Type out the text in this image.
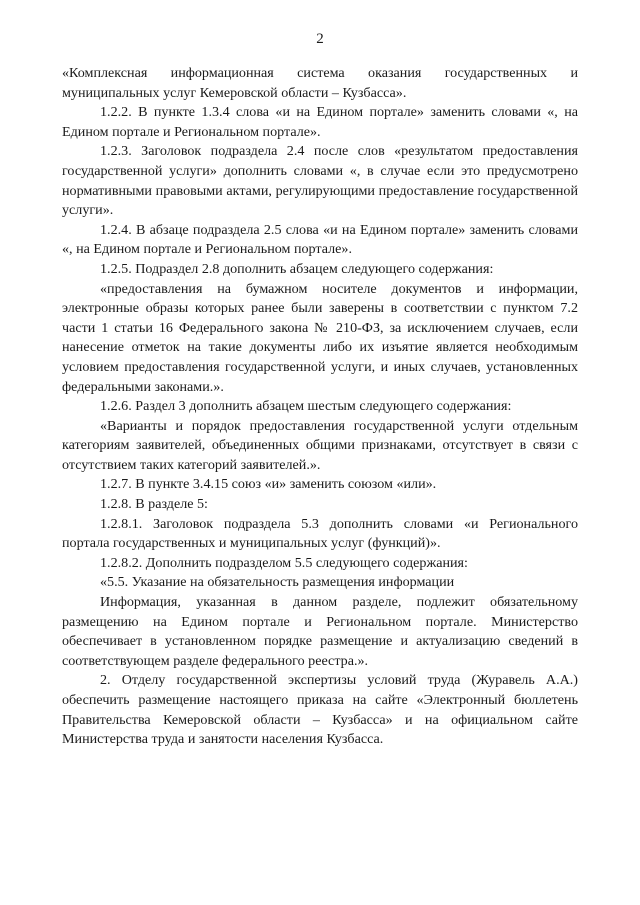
2

«Комплексная информационная система оказания государственных и муниципальных услуг Кемеровской области – Кузбасса».

1.2.2. В пункте 1.3.4 слова «и на Едином портале» заменить словами «, на Едином портале и Региональном портале».

1.2.3. Заголовок подраздела 2.4 после слов «результатом предоставления государственной услуги» дополнить словами «, в случае если это предусмотрено нормативными правовыми актами, регулирующими предоставление государственной услуги».

1.2.4. В абзаце подраздела 2.5 слова «и на Едином портале» заменить словами «, на Едином портале и Региональном портале».

1.2.5. Подраздел 2.8 дополнить абзацем следующего содержания:

«предоставления на бумажном носителе документов и информации, электронные образы которых ранее были заверены в соответствии с пунктом 7.2 части 1 статьи 16 Федерального закона № 210-ФЗ, за исключением случаев, если нанесение отметок на такие документы либо их изъятие является необходимым условием предоставления государственной услуги, и иных случаев, установленных федеральными законами.».

1.2.6. Раздел 3 дополнить абзацем шестым следующего содержания:

«Варианты и порядок предоставления государственной услуги отдельным категориям заявителей, объединенных общими признаками, отсутствует в связи с отсутствием таких категорий заявителей.».

1.2.7. В пункте 3.4.15 союз «и» заменить союзом «или».

1.2.8. В разделе 5:

1.2.8.1. Заголовок подраздела 5.3 дополнить словами «и Регионального портала государственных и муниципальных услуг (функций)».

1.2.8.2. Дополнить подразделом 5.5 следующего содержания:

«5.5. Указание на обязательность размещения информации

Информация, указанная в данном разделе, подлежит обязательному размещению на Едином портале и Региональном портале. Министерство обеспечивает в установленном порядке размещение и актуализацию сведений в соответствующем разделе федерального реестра.».

2. Отделу государственной экспертизы условий труда (Журавель А.А.) обеспечить размещение настоящего приказа на сайте «Электронный бюллетень Правительства Кемеровской области – Кузбасса» и на официальном сайте Министерства труда и занятости населения Кузбасса.
